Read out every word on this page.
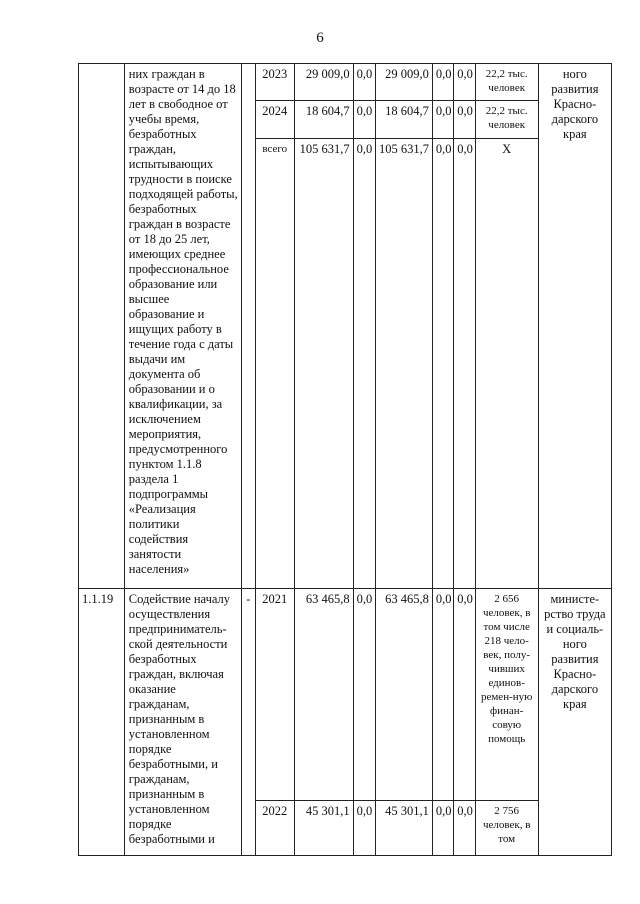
6
	них граждан в возрасте от 14 до 18 лет в свободное от учебы время, безработных граждан, испытывающих трудности в поиске подходящей работы, безработных граждан в возрасте от 18 до 25 лет, имеющих среднее профессиональное образование или высшее образование и ищущих работу в течение года с даты выдачи им документа об образовании и о квалификации, за исключением мероприятия, предусмотренного пунктом 1.1.8 раздела 1 подпрограммы «Реализация политики содействия занятости населения»		2023	29 009,0	0,0	29 009,0	0,0	0,0	22,2 тыс. человек	ного развития Красно-дарского края
			2024	18 604,7	0,0	18 604,7	0,0	0,0	22,2 тыс. человек	
			всего	105 631,7	0,0	105 631,7	0,0	0,0	Х	
1.1.19	Содействие началу осуществления предприниматель-ской деятельности безработных граждан, включая оказание гражданам, признанным в установленном порядке безработными, и гражданам, признанным в установленном порядке безработными и	-	2021	63 465,8	0,0	63 465,8	0,0	0,0	2 656 человек, в том числе 218 чело-век, полу-чивших единов-ремен-ную финан-совую помощь	министе-рство труда и социаль-ного развития Красно-дарского края
			2022	45 301,1	0,0	45 301,1	0,0	0,0	2 756 человек, в том	
